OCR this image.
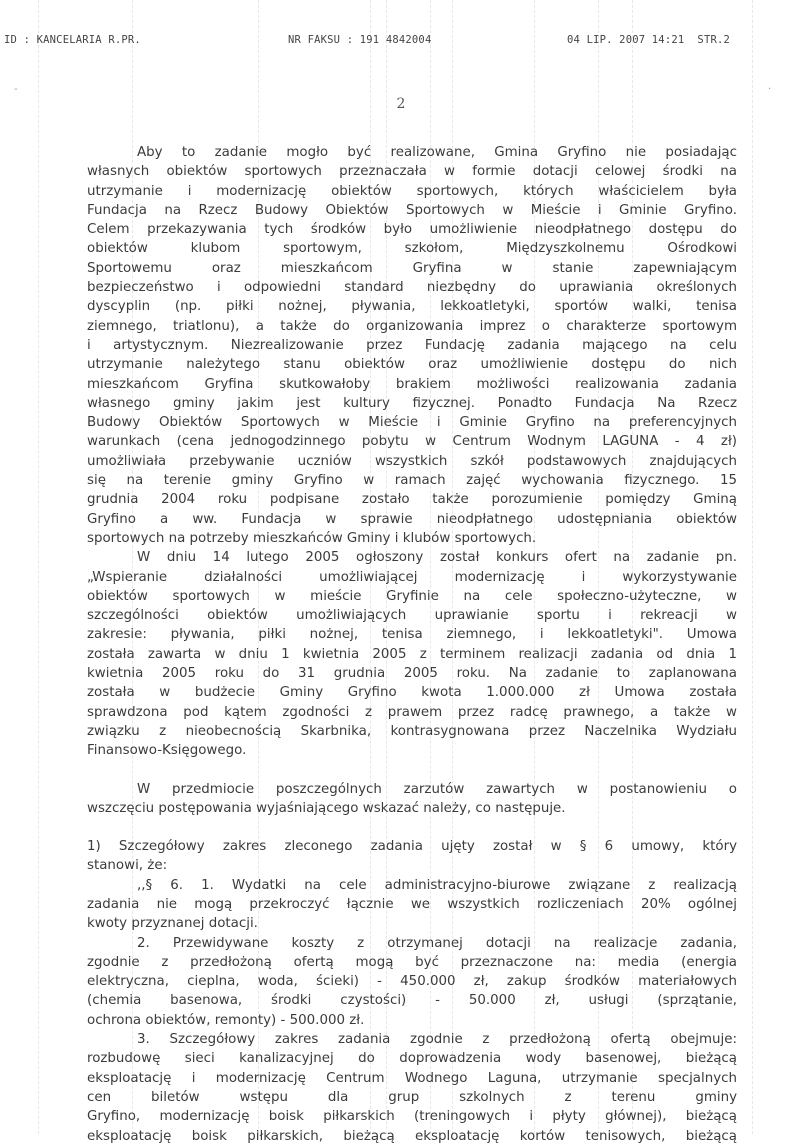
-	·
ID : KANCELARIA R.PR.	NR FAKSU : 191 4842004	04 LIP. 2007 14:21  STR.2
2
Aby to zadanie mogło być realizowane, Gmina Gryfino nie posiadając
własnych obiektów sportowych przeznaczała w formie dotacji celowej środki na
utrzymanie i modernizację obiektów sportowych, których właścicielem była
Fundacja na Rzecz Budowy Obiektów Sportowych w Mieście i Gminie Gryfino.
Celem przekazywania tych środków było umożliwienie nieodpłatnego dostępu do
obiektów klubom sportowym, szkołom, Międzyszkolnemu Ośrodkowi
Sportowemu oraz mieszkańcom Gryfina w stanie zapewniającym
bezpieczeństwo i odpowiedni standard niezbędny do uprawiania określonych
dyscyplin (np. piłki nożnej, pływania, lekkoatletyki, sportów walki, tenisa
ziemnego, triatlonu), a także do organizowania imprez o charakterze sportowym
i artystycznym. Niezrealizowanie przez Fundację zadania mającego na celu
utrzymanie należytego stanu obiektów oraz umożliwienie dostępu do nich
mieszkańcom Gryfina skutkowałoby brakiem możliwości realizowania zadania
własnego gminy jakim jest kultury fizycznej. Ponadto Fundacja Na Rzecz
Budowy Obiektów Sportowych w Mieście i Gminie Gryfino na preferencyjnych
warunkach (cena jednogodzinnego pobytu w Centrum Wodnym LAGUNA - 4 zł)
umożliwiała przebywanie uczniów wszystkich szkół podstawowych znajdujących
się na terenie gminy Gryfino w ramach zajęć wychowania fizycznego. 15
grudnia 2004 roku podpisane zostało także porozumienie pomiędzy Gminą
Gryfino a ww. Fundacja w sprawie nieodpłatnego udostępniania obiektów
sportowych na potrzeby mieszkańców Gminy i klubów sportowych.
W dniu 14 lutego 2005 ogłoszony został konkurs ofert na zadanie pn.
„Wspieranie działalności umożliwiającej modernizację i wykorzystywanie
obiektów sportowych w mieście Gryfinie na cele społeczno-użyteczne, w
szczególności obiektów umożliwiających uprawianie sportu i rekreacji w
zakresie: pływania, piłki nożnej, tenisa ziemnego, i lekkoatletyki". Umowa
została zawarta w dniu 1 kwietnia 2005 z terminem realizacji zadania od dnia 1
kwietnia 2005 roku do 31 grudnia 2005 roku. Na zadanie to zaplanowana
została w budżecie Gminy Gryfino kwota 1.000.000 zł Umowa została
sprawdzona pod kątem zgodności z prawem przez radcę prawnego, a także w
związku z nieobecnością Skarbnika, kontrasygnowana przez Naczelnika Wydziału
Finansowo-Księgowego.
W przedmiocie poszczególnych zarzutów zawartych w postanowieniu o
wszczęciu postępowania wyjaśniającego wskazać należy, co następuje.
1) Szczegółowy zakres zleconego zadania ujęty został w § 6 umowy, który
stanowi, że:
,,§ 6. 1. Wydatki na cele administracyjno-biurowe związane z realizacją
zadania nie mogą przekroczyć łącznie we wszystkich rozliczeniach 20% ogólnej
kwoty przyznanej dotacji.
2. Przewidywane koszty z otrzymanej dotacji na realizacje zadania,
zgodnie z przedłożoną ofertą mogą być przeznaczone na: media (energia
elektryczna, cieplna, woda, ścieki) - 450.000 zł, zakup środków materiałowych
(chemia basenowa, środki czystości) - 50.000 zł, usługi (sprzątanie,
ochrona obiektów, remonty) - 500.000 zł.
3. Szczegółowy zakres zadania zgodnie z przedłożoną ofertą obejmuje:
rozbudowę sieci kanalizacyjnej do doprowadzenia wody basenowej, bieżącą
eksploatację i modernizację Centrum Wodnego Laguna, utrzymanie specjalnych
cen biletów wstępu dla grup szkolnych z terenu gminy
Gryfino, modernizację boisk piłkarskich (treningowych i płyty głównej), bieżącą
eksploatację boisk piłkarskich, bieżącą eksploatację kortów tenisowych, bieżącą
